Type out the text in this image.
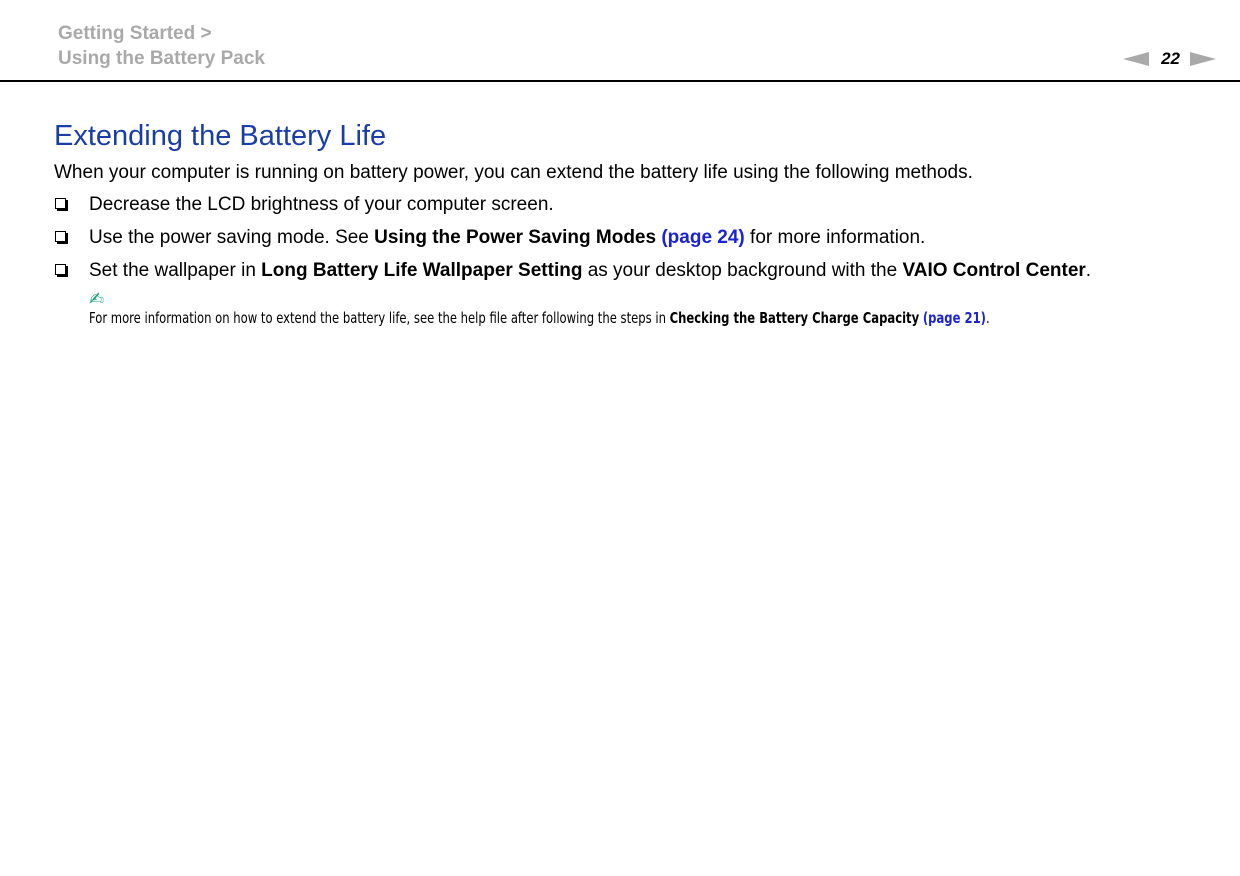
Getting Started >
Using the Battery Pack	22
Extending the Battery Life

When your computer is running on battery power, you can extend the battery life using the following methods.

Decrease the LCD brightness of your computer screen.
Use the power saving mode. See Using the Power Saving Modes (page 24) for more information.
Set the wallpaper in Long Battery Life Wallpaper Setting as your desktop background with the VAIO Control Center.
✍
For more information on how to extend the battery life, see the help file after following the steps in Checking the Battery Charge Capacity (page 21).
